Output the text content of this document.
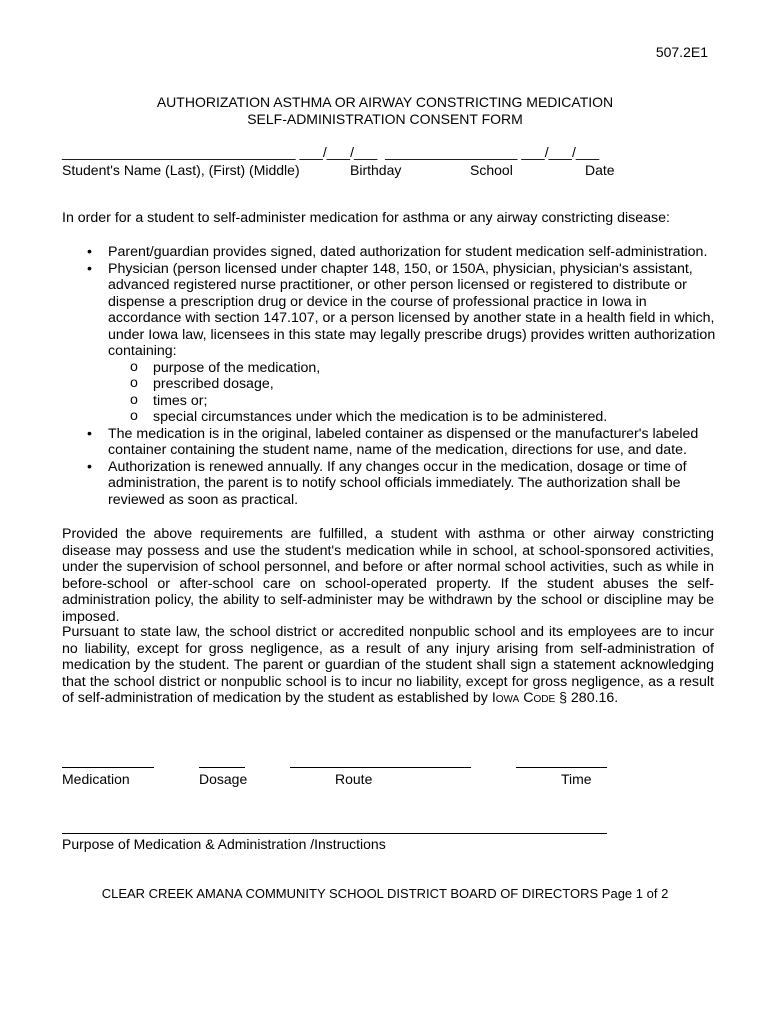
507.2E1
AUTHORIZATION ASTHMA OR AIRWAY CONSTRICTING MEDICATION
SELF-ADMINISTRATION CONSENT FORM
______________________________ ___/___/___  _________________ ___/___/___
Student's Name (Last), (First) (Middle)	Birthday	School	Date
In order for a student to self-administer medication for asthma or any airway constricting disease:
• Parent/guardian provides signed, dated authorization for student medication self-administration.
• Physician (person licensed under chapter 148, 150, or 150A, physician, physician's assistant, advanced registered nurse practitioner, or other person licensed or registered to distribute or dispense a prescription drug or device in the course of professional practice in Iowa in accordance with section 147.107, or a person licensed by another state in a health field in which, under Iowa law, licensees in this state may legally prescribe drugs) provides written authorization containing:
o purpose of the medication,
o prescribed dosage,
o times or;
o special circumstances under which the medication is to be administered.
• The medication is in the original, labeled container as dispensed or the manufacturer's labeled container containing the student name, name of the medication, directions for use, and date.
• Authorization is renewed annually. If any changes occur in the medication, dosage or time of administration, the parent is to notify school officials immediately. The authorization shall be reviewed as soon as practical.
Provided the above requirements are fulfilled, a student with asthma or other airway constricting disease may possess and use the student's medication while in school, at school-sponsored activities, under the supervision of school personnel, and before or after normal school activities, such as while in before-school or after-school care on school-operated property. If the student abuses the self-administration policy, the ability to self-administer may be withdrawn by the school or discipline may be imposed.
Pursuant to state law, the school district or accredited nonpublic school and its employees are to incur no liability, except for gross negligence, as a result of any injury arising from self-administration of medication by the student. The parent or guardian of the student shall sign a statement acknowledging that the school district or nonpublic school is to incur no liability, except for gross negligence, as a result of self-administration of medication by the student as established by Iowa Code § 280.16.
Medication	Dosage	Route	Time
Purpose of Medication & Administration /Instructions
CLEAR CREEK AMANA COMMUNITY SCHOOL DISTRICT BOARD OF DIRECTORS Page 1 of 2
